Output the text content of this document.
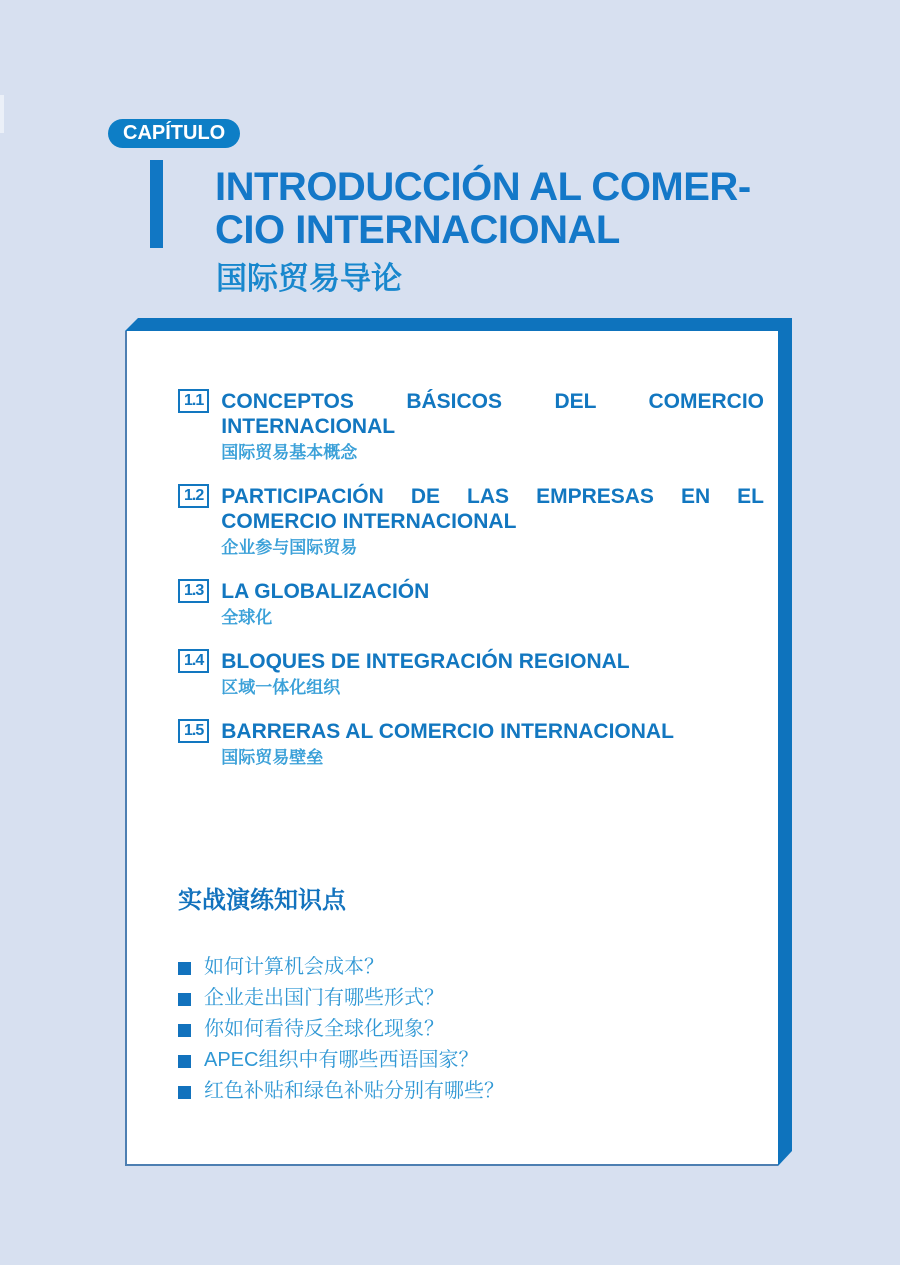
CAPÍTULO
INTRODUCCIÓN AL COMER-
CIO INTERNACIONAL
国际贸易导论
1.1 CONCEPTOS BÁSICOS DEL COMERCIO INTERNACIONAL
国际贸易基本概念
1.2 PARTICIPACIÓN DE LAS EMPRESAS EN EL COMERCIO INTERNACIONAL
企业参与国际贸易
1.3 LA GLOBALIZACIÓN
全球化
1.4 BLOQUES DE INTEGRACIÓN REGIONAL
区域一体化组织
1.5 BARRERAS AL COMERCIO INTERNACIONAL
国际贸易壁垒
实战演练知识点
如何计算机会成本？
企业走出国门有哪些形式？
你如何看待反全球化现象？
APEC组织中有哪些西语国家？
红色补贴和绿色补贴分别有哪些？
